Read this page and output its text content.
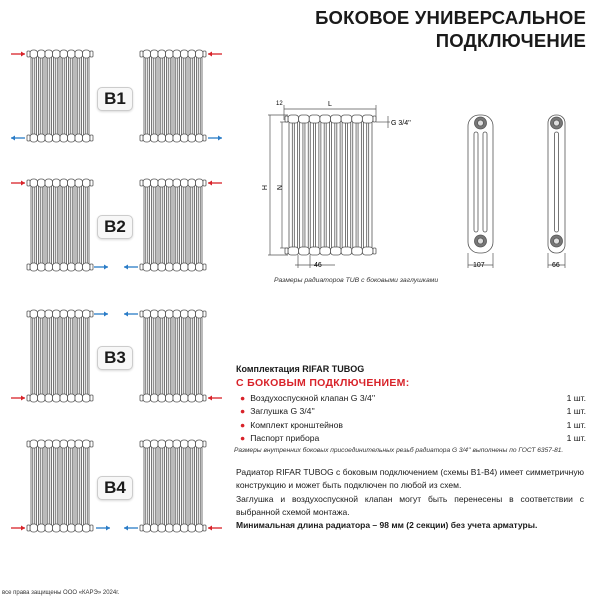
БОКОВОЕ УНИВЕРСАЛЬНОЕ
ПОДКЛЮЧЕНИЕ
B1
B2
B3
B4
12	L
G 3/4''
H N
46	107	66
Размеры радиаторов TUB с боковыми заглушками
Комплектация RIFAR TUBOG
С БОКОВЫМ ПОДКЛЮЧЕНИЕМ:
● Воздухоспускной клапан G 3/4''	1 шт.
● Заглушка G 3/4''	1 шт.
● Комплект кронштейнов	1 шт.
● Паспорт прибора	1 шт.
Размеры внутренних боковых присоединительных резьб радиатора G 3/4'' выполнены по ГОСТ 6357-81.
Радиатор RIFAR TUBOG с боковым подключением (схемы В1-В4) имеет симметричную конструкцию и может быть подключен по любой из схем.
Заглушка и воздухоспускной клапан могут быть перенесены в соответствии с выбранной схемой монтажа.
Минимальная длина радиатора – 98 мм (2 секции) без учета арматуры.
все права защищены ООО «КАРЭ» 2024г.
